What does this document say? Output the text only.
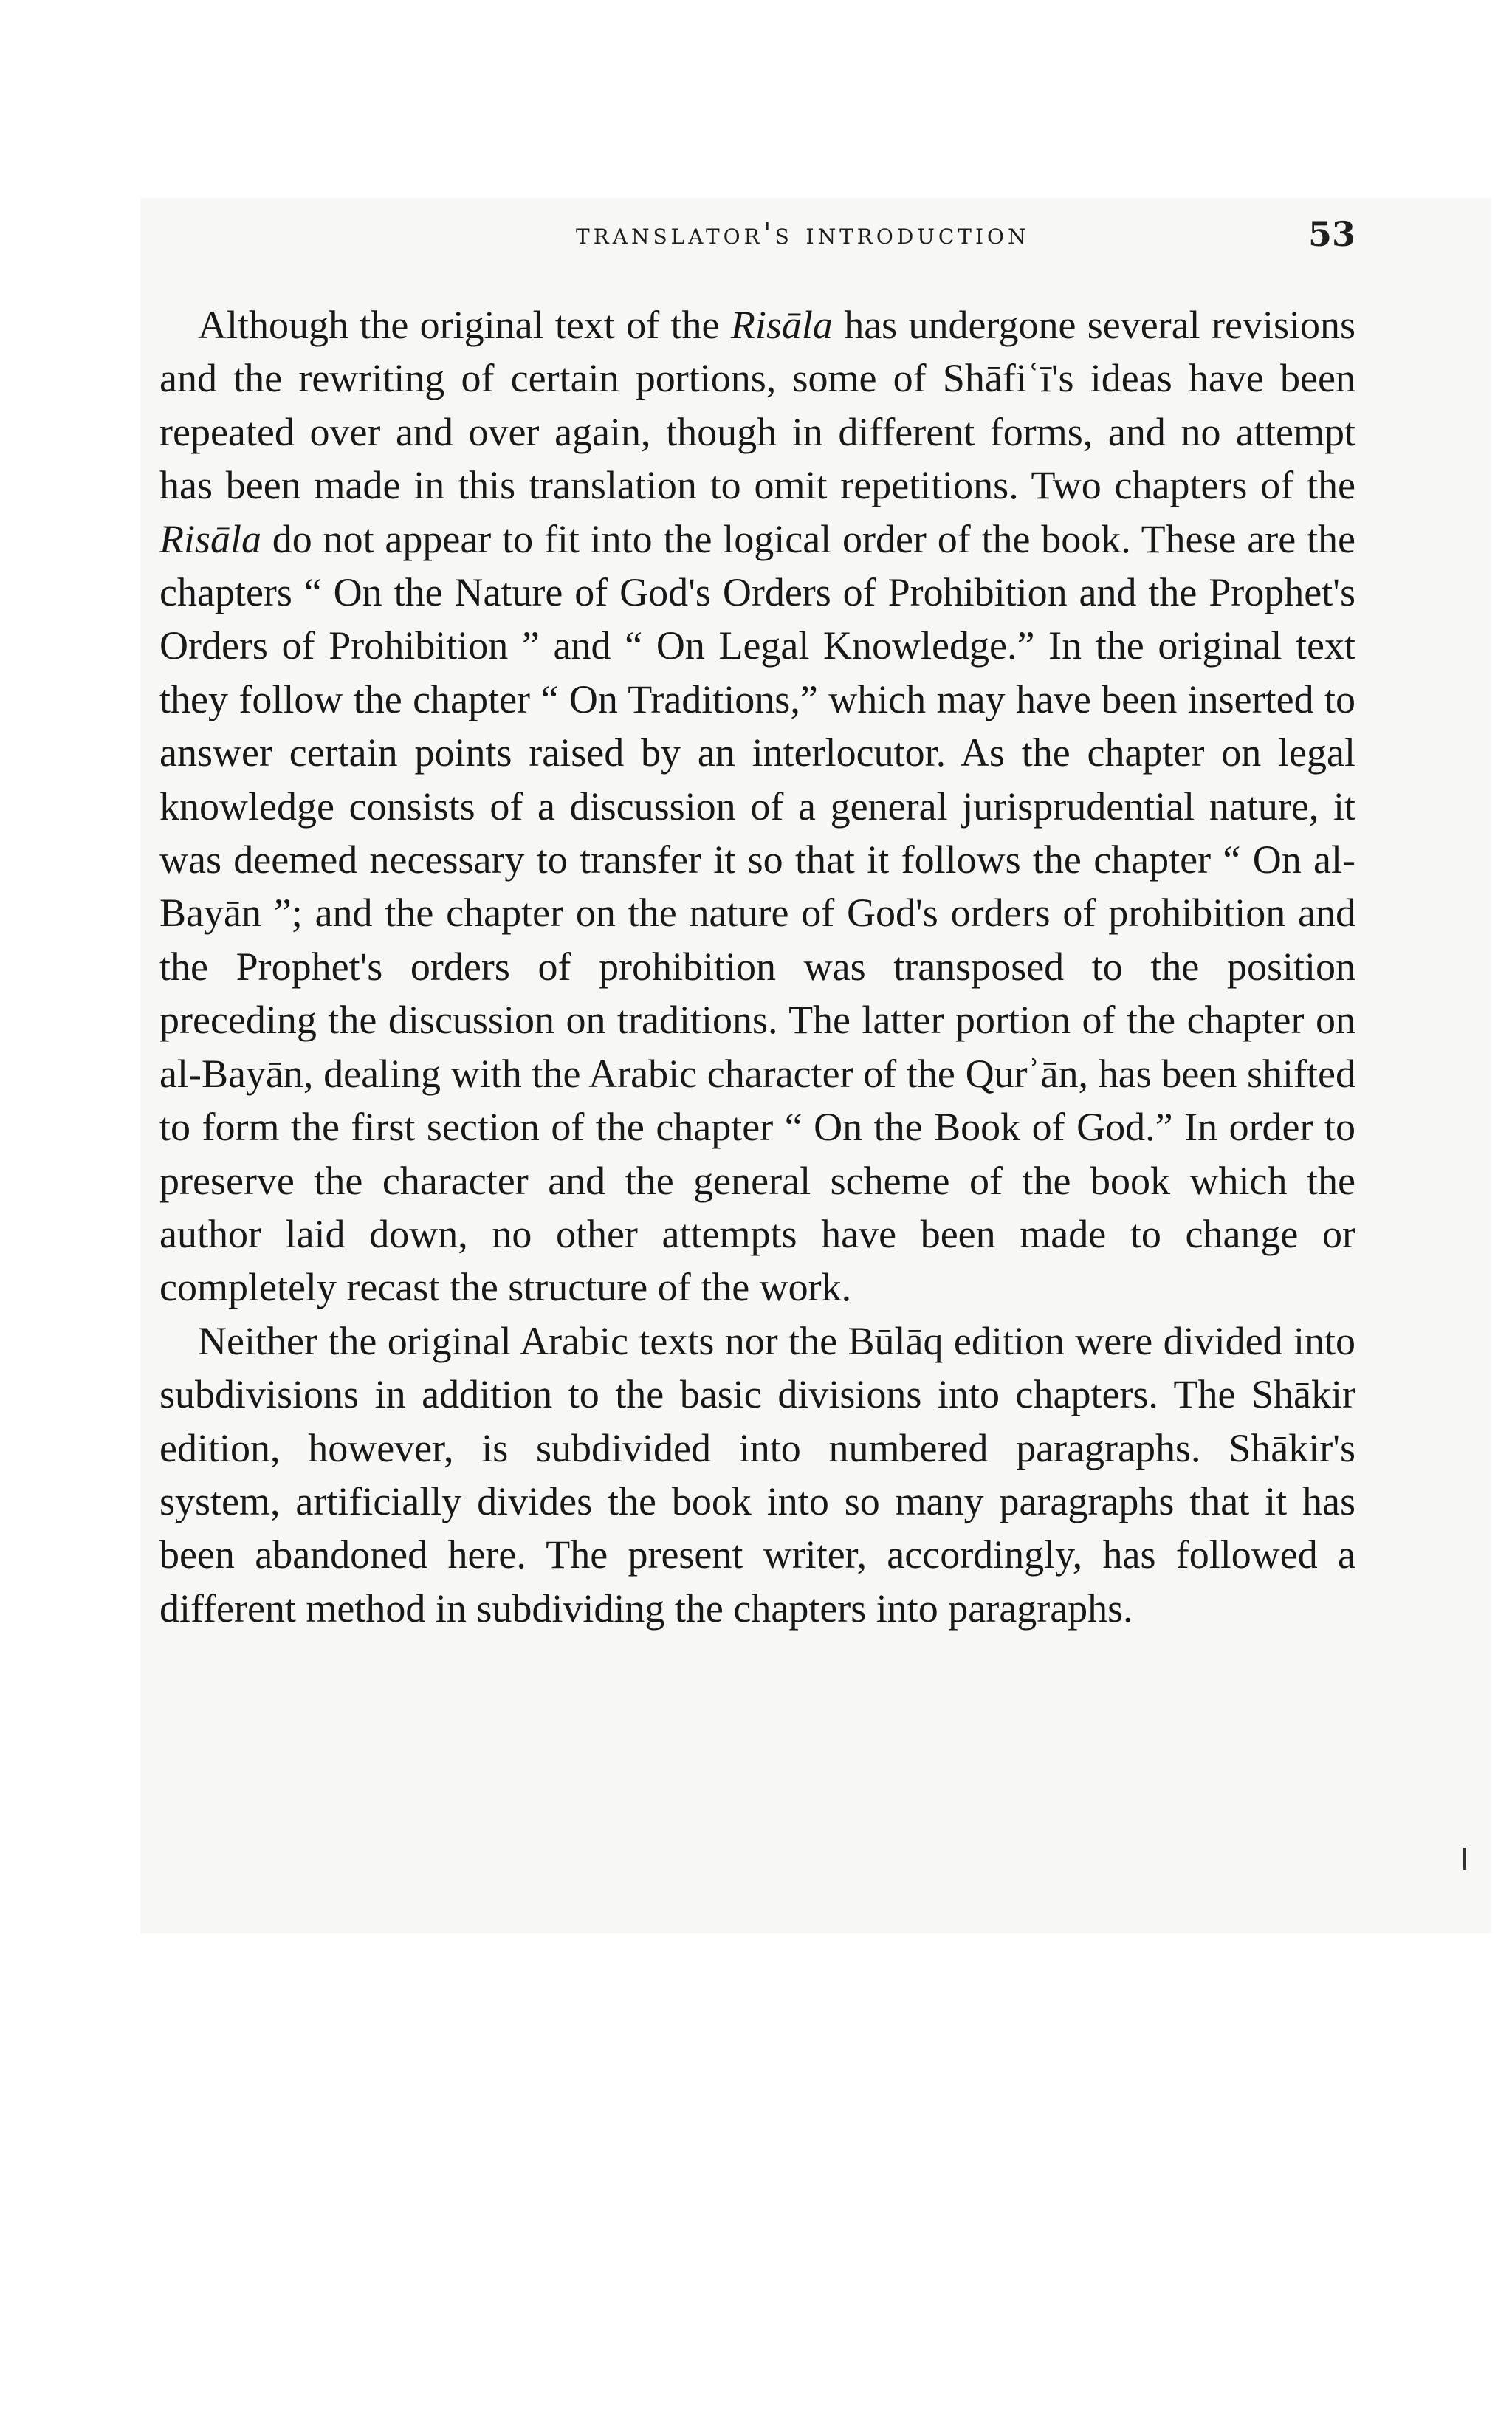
translator's introduction	53

Although the original text of the Risāla has undergone several revisions and the rewriting of certain portions, some of Shāfiʿī's ideas have been repeated over and over again, though in different forms, and no attempt has been made in this translation to omit repetitions. Two chapters of the Risāla do not appear to fit into the logical order of the book. These are the chapters “ On the Nature of God's Orders of Prohibition and the Prophet's Orders of Prohibition ” and “ On Legal Knowledge.” In the original text they follow the chapter “ On Traditions,” which may have been inserted to answer certain points raised by an interlocutor. As the chapter on legal knowledge consists of a discussion of a general jurisprudential nature, it was deemed necessary to transfer it so that it follows the chapter “ On al-Bayān ”; and the chapter on the nature of God's orders of prohibition and the Prophet's orders of prohibition was transposed to the position preceding the discussion on traditions. The latter portion of the chapter on al-Bayān, dealing with the Arabic character of the Qurʾān, has been shifted to form the first section of the chapter “ On the Book of God.” In order to preserve the character and the general scheme of the book which the author laid down, no other attempts have been made to change or completely recast the structure of the work.

Neither the original Arabic texts nor the Būlāq edition were divided into subdivisions in addition to the basic divisions into chapters. The Shākir edition, however, is subdivided into numbered paragraphs. Shākir's system, artificially divides the book into so many paragraphs that it has been abandoned here. The present writer, accordingly, has followed a different method in subdividing the chapters into paragraphs.
